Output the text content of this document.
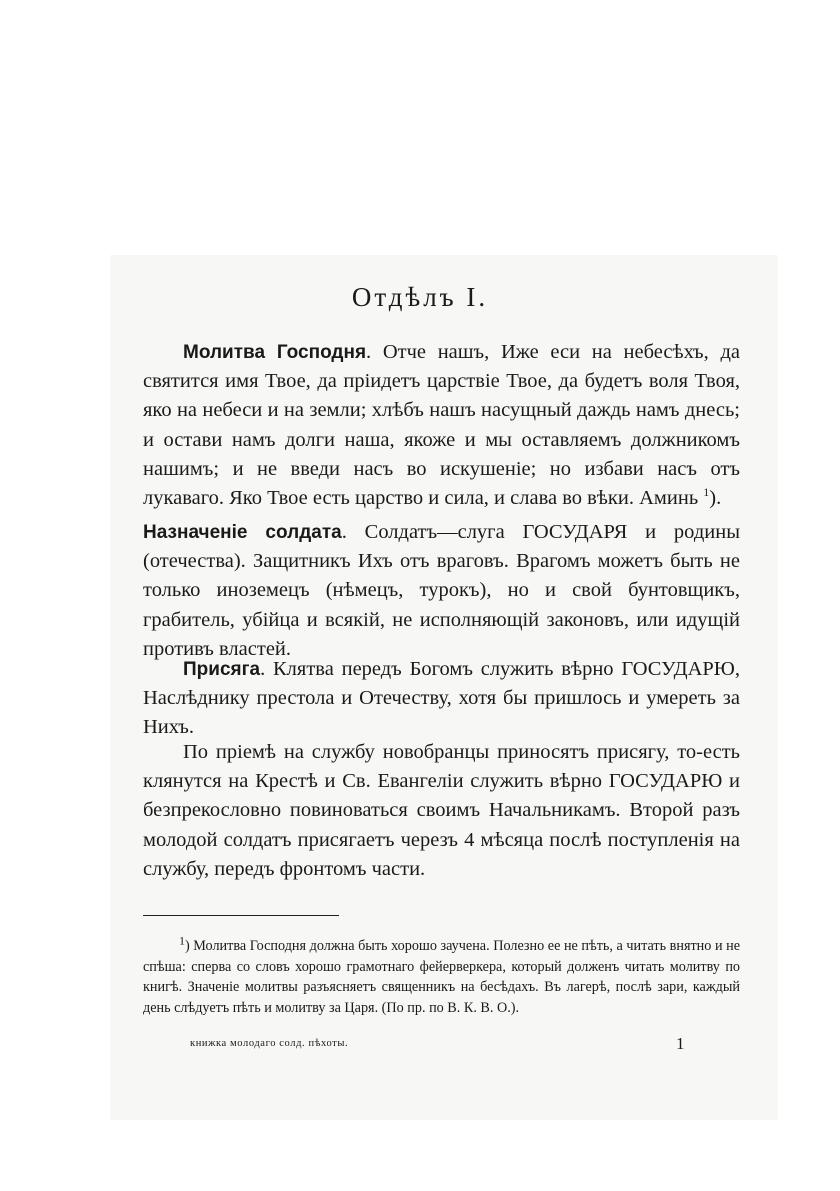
Отдѣлъ I.

Молитва Господня. Отче нашъ, Иже еси на небесѣхъ, да святится имя Твое, да пріидетъ царствіе Твое, да будетъ воля Твоя, яко на небеси и на земли; хлѣбъ нашъ насущный даждь намъ днесь; и остави намъ долги наша, якоже и мы оставляемъ должникомъ нашимъ; и не введи насъ во искушеніе; но избави насъ отъ лукаваго. Яко Твое есть царство и сила, и слава во вѣки. Аминь $^1$).

Назначеніе солдата. Солдатъ—слуга ГОСУДАРЯ и родины (отечества). Защитникъ Ихъ отъ враговъ. Врагомъ можетъ быть не только иноземецъ (нѣмецъ, турокъ), но и свой бунтовщикъ, грабитель, убійца и всякій, не исполняющій законовъ, или идущій противъ властей.

Присяга. Клятва передъ Богомъ служить вѣрно ГОСУДАРЮ, Наслѣднику престола и Отечеству, хотя бы пришлось и умереть за Нихъ.

По пріемѣ на службу новобранцы приносятъ присягу, то-есть клянутся на Крестѣ и Св. Евангеліи служить вѣрно ГОСУДАРЮ и безпрекословно повиноваться своимъ Начальникамъ. Второй разъ молодой солдатъ присягаетъ черезъ 4 мѣсяца послѣ поступленія на службу, передъ фронтомъ части.

$^1$) Молитва Господня должна быть хорошо заучена. Полезно ее не пѣть, а читать внятно и не спѣша: сперва со словъ хорошо грамотнаго фейерверкера, который долженъ читать молитву по книгѣ. Значеніе молитвы разъясняетъ священникъ на бесѣдахъ. Въ лагерѣ, послѣ зари, каждый день слѣдуетъ пѣть и молитву за Царя. (По пр. по В. К. В. О.).

книжка молодаго солд. пѣхоты.	1
